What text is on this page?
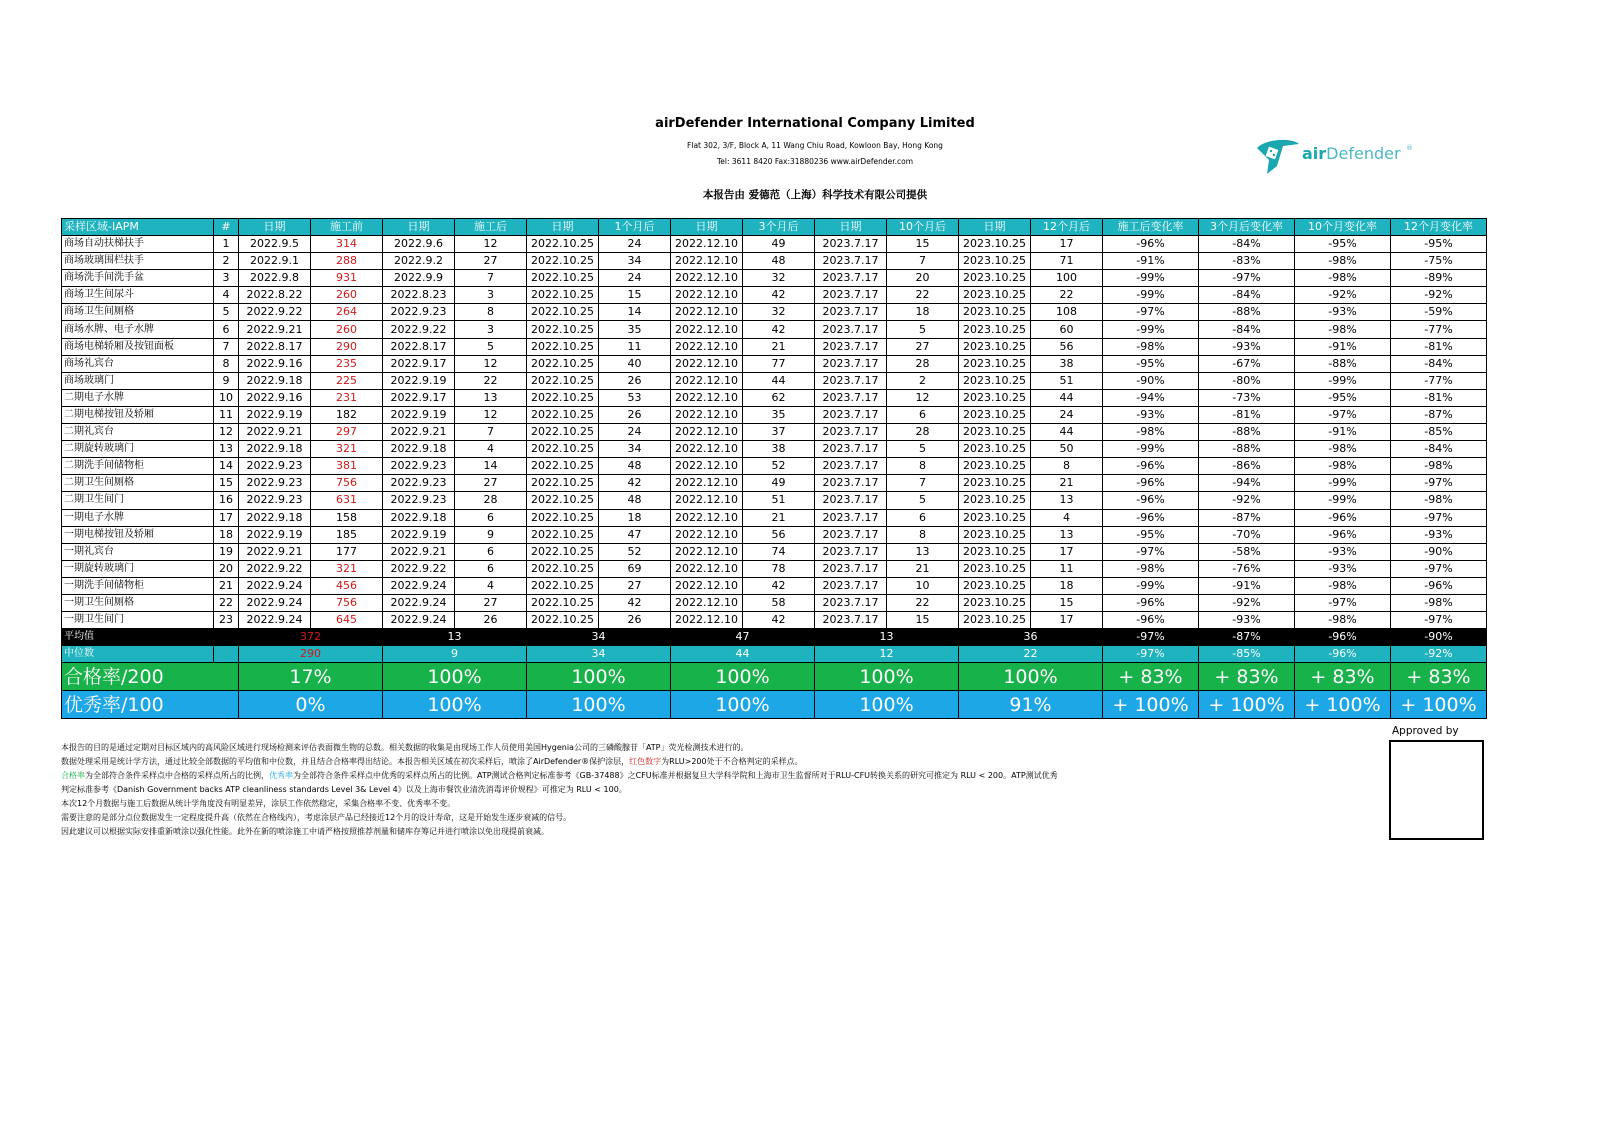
airDefender International Company Limited
Flat 302, 3/F, Block A, 11 Wang Chiu Road, Kowloon Bay, Hong Kong
Tel: 3611 8420 Fax:31880236 www.airDefender.com
本报告由 爱德范（上海）科学技术有限公司提供
airDefender ®
采样区域-IAPM	#	日期	施工前	日期	施工后	日期	1个月后	日期	3个月后	日期	10个月后	日期	12个月后	施工后变化率	3个月后变化率	10个月变化率	12个月变化率
商场自动扶梯扶手	1	2022.9.5	314	2022.9.6	12	2022.10.25	24	2022.12.10	49	2023.7.17	15	2023.10.25	17	-96%	-84%	-95%	-95%
商场玻璃围栏扶手	2	2022.9.1	288	2022.9.2	27	2022.10.25	34	2022.12.10	48	2023.7.17	7	2023.10.25	71	-91%	-83%	-98%	-75%
商场洗手间洗手盆	3	2022.9.8	931	2022.9.9	7	2022.10.25	24	2022.12.10	32	2023.7.17	20	2023.10.25	100	-99%	-97%	-98%	-89%
商场卫生间尿斗	4	2022.8.22	260	2022.8.23	3	2022.10.25	15	2022.12.10	42	2023.7.17	22	2023.10.25	22	-99%	-84%	-92%	-92%
商场卫生间厕格	5	2022.9.22	264	2022.9.23	8	2022.10.25	14	2022.12.10	32	2023.7.17	18	2023.10.25	108	-97%	-88%	-93%	-59%
商场水牌、电子水牌	6	2022.9.21	260	2022.9.22	3	2022.10.25	35	2022.12.10	42	2023.7.17	5	2023.10.25	60	-99%	-84%	-98%	-77%
商场电梯轿厢及按钮面板	7	2022.8.17	290	2022.8.17	5	2022.10.25	11	2022.12.10	21	2023.7.17	27	2023.10.25	56	-98%	-93%	-91%	-81%
商场礼宾台	8	2022.9.16	235	2022.9.17	12	2022.10.25	40	2022.12.10	77	2023.7.17	28	2023.10.25	38	-95%	-67%	-88%	-84%
商场玻璃门	9	2022.9.18	225	2022.9.19	22	2022.10.25	26	2022.12.10	44	2023.7.17	2	2023.10.25	51	-90%	-80%	-99%	-77%
二期电子水牌	10	2022.9.16	231	2022.9.17	13	2022.10.25	53	2022.12.10	62	2023.7.17	12	2023.10.25	44	-94%	-73%	-95%	-81%
二期电梯按钮及轿厢	11	2022.9.19	182	2022.9.19	12	2022.10.25	26	2022.12.10	35	2023.7.17	6	2023.10.25	24	-93%	-81%	-97%	-87%
二期礼宾台	12	2022.9.21	297	2022.9.21	7	2022.10.25	24	2022.12.10	37	2023.7.17	28	2023.10.25	44	-98%	-88%	-91%	-85%
二期旋转玻璃门	13	2022.9.18	321	2022.9.18	4	2022.10.25	34	2022.12.10	38	2023.7.17	5	2023.10.25	50	-99%	-88%	-98%	-84%
二期洗手间储物柜	14	2022.9.23	381	2022.9.23	14	2022.10.25	48	2022.12.10	52	2023.7.17	8	2023.10.25	8	-96%	-86%	-98%	-98%
二期卫生间厕格	15	2022.9.23	756	2022.9.23	27	2022.10.25	42	2022.12.10	49	2023.7.17	7	2023.10.25	21	-96%	-94%	-99%	-97%
二期卫生间门	16	2022.9.23	631	2022.9.23	28	2022.10.25	48	2022.12.10	51	2023.7.17	5	2023.10.25	13	-96%	-92%	-99%	-98%
一期电子水牌	17	2022.9.18	158	2022.9.18	6	2022.10.25	18	2022.12.10	21	2023.7.17	6	2023.10.25	4	-96%	-87%	-96%	-97%
一期电梯按钮及轿厢	18	2022.9.19	185	2022.9.19	9	2022.10.25	47	2022.12.10	56	2023.7.17	8	2023.10.25	13	-95%	-70%	-96%	-93%
一期礼宾台	19	2022.9.21	177	2022.9.21	6	2022.10.25	52	2022.12.10	74	2023.7.17	13	2023.10.25	17	-97%	-58%	-93%	-90%
一期旋转玻璃门	20	2022.9.22	321	2022.9.22	6	2022.10.25	69	2022.12.10	78	2023.7.17	21	2023.10.25	11	-98%	-76%	-93%	-97%
一期洗手间储物柜	21	2022.9.24	456	2022.9.24	4	2022.10.25	27	2022.12.10	42	2023.7.17	10	2023.10.25	18	-99%	-91%	-98%	-96%
一期卫生间厕格	22	2022.9.24	756	2022.9.24	27	2022.10.25	42	2022.12.10	58	2023.7.17	22	2023.10.25	15	-96%	-92%	-97%	-98%
一期卫生间门	23	2022.9.24	645	2022.9.24	26	2022.10.25	26	2022.12.10	42	2023.7.17	15	2023.10.25	17	-96%	-93%	-98%	-97%
平均值		372		13		34		47		13		36		-97%	-87%	-96%	-90%
中位数		290		9		34		44		12		22		-97%	-85%	-96%	-92%
合格率/200		17%		100%		100%		100%		100%		100%		+ 83%	+ 83%	+ 83%	+ 83%
优秀率/100		0%		100%		100%		100%		100%		91%		+ 100%	+ 100%	+ 100%	+ 100%
本报告的目的是通过定期对目标区域内的高风险区域进行现场检测来评估表面微生物的总数。相关数据的收集是由现场工作人员使用美国Hygenia公司的三磷酸腺苷「ATP」荧光检测技术进行的。
数据处理采用是统计学方法，通过比较全部数据的平均值和中位数，并且结合合格率得出结论。本报告相关区域在初次采样后，喷涂了AirDefender®保护涂层，红色数字为RLU>200处于不合格判定的采样点。
合格率为全部符合条件采样点中合格的采样点所占的比例，优秀率为全部符合条件采样点中优秀的采样点所占的比例。ATP测试合格判定标准参考《GB-37488》之CFU标准并根据复旦大学科学院和上海市卫生监督所对于RLU-CFU转换关系的研究可推定为 RLU < 200。ATP测试优秀
判定标准参考《Danish Government backs ATP cleanliness standards Level 3& Level 4》以及上海市餐饮业清洗消毒评价规程》可推定为 RLU < 100。
本次12个月数据与施工后数据从统计学角度没有明显差异，涂层工作依然稳定，采集合格率不变、优秀率不变。
需要注意的是部分点位数据发生一定程度提升高（依然在合格线内），考虑涂层产品已经接近12个月的设计寿命，这是开始发生逐步衰减的信号。
因此建议可以根据实际安排重新喷涂以强化性能。此外在新的喷涂施工中请严格按照推荐剂量和储库存筹记并进行喷涂以免出现提前衰减。
Approved by
